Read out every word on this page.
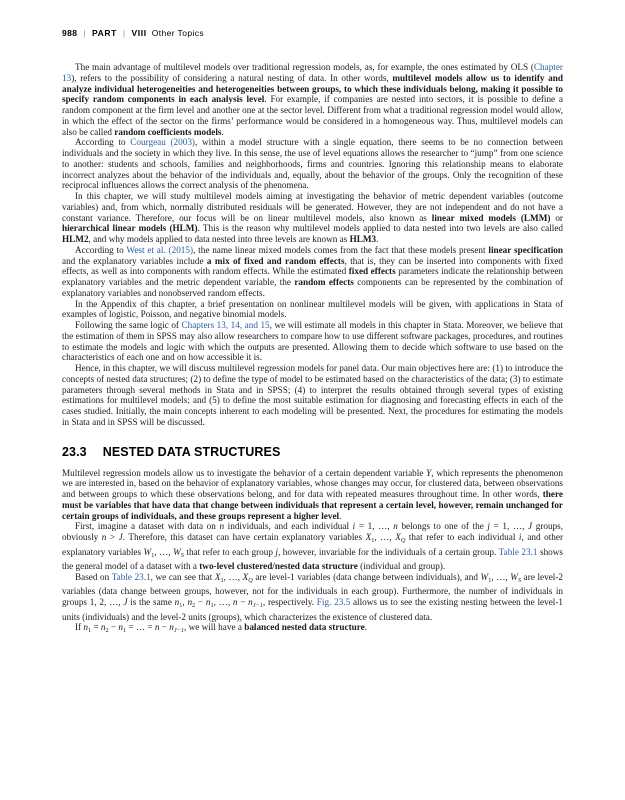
988 | PART | VIII Other Topics

The main advantage of multilevel models over traditional regression models, as, for example, the ones estimated by OLS (Chapter 13), refers to the possibility of considering a natural nesting of data. In other words, multilevel models allow us to identify and analyze individual heterogeneities and heterogeneities between groups, to which these individuals belong, making it possible to specify random components in each analysis level. For example, if companies are nested into sectors, it is possible to define a random component at the firm level and another one at the sector level. Different from what a traditional regression model would allow, in which the effect of the sector on the firms’ performance would be considered in a homogeneous way. Thus, multilevel models can also be called random coefficients models.

According to Courgeau (2003), within a model structure with a single equation, there seems to be no connection between individuals and the society in which they live. In this sense, the use of level equations allows the researcher to “jump” from one science to another: students and schools, families and neighborhoods, firms and countries. Ignoring this relationship means to elaborate incorrect analyzes about the behavior of the individuals and, equally, about the behavior of the groups. Only the recognition of these reciprocal influences allows the correct analysis of the phenomena.

In this chapter, we will study multilevel models aiming at investigating the behavior of metric dependent variables (outcome variables) and, from which, normally distributed residuals will be generated. However, they are not independent and do not have a constant variance. Therefore, our focus will be on linear multilevel models, also known as linear mixed models (LMM) or hierarchical linear models (HLM). This is the reason why multilevel models applied to data nested into two levels are also called HLM2, and why models applied to data nested into three levels are known as HLM3.

According to West et al. (2015), the name linear mixed models comes from the fact that these models present linear specification and the explanatory variables include a mix of fixed and random effects, that is, they can be inserted into components with fixed effects, as well as into components with random effects. While the estimated fixed effects parameters indicate the relationship between explanatory variables and the metric dependent variable, the random effects components can be represented by the combination of explanatory variables and nonobserved random effects.

In the Appendix of this chapter, a brief presentation on nonlinear multilevel models will be given, with applications in Stata of examples of logistic, Poisson, and negative binomial models.

Following the same logic of Chapters 13, 14, and 15, we will estimate all models in this chapter in Stata. Moreover, we believe that the estimation of them in SPSS may also allow researchers to compare how to use different software packages, procedures, and routines to estimate the models and logic with which the outputs are presented. Allowing them to decide which software to use based on the characteristics of each one and on how accessible it is.

Hence, in this chapter, we will discuss multilevel regression models for panel data. Our main objectives here are: (1) to introduce the concepts of nested data structures; (2) to define the type of model to be estimated based on the characteristics of the data; (3) to estimate parameters through several methods in Stata and in SPSS; (4) to interpret the results obtained through several types of existing estimations for multilevel models; and (5) to define the most suitable estimation for diagnosing and forecasting effects in each of the cases studied. Initially, the main concepts inherent to each modeling will be presented. Next, the procedures for estimating the models in Stata and in SPSS will be discussed.

23.3 NESTED DATA STRUCTURES

Multilevel regression models allow us to investigate the behavior of a certain dependent variable Y, which represents the phenomenon we are interested in, based on the behavior of explanatory variables, whose changes may occur, for clustered data, between observations and between groups to which these observations belong, and for data with repeated measures throughout time. In other words, there must be variables that have data that change between individuals that represent a certain level, however, remain unchanged for certain groups of individuals, and these groups represent a higher level.

First, imagine a dataset with data on n individuals, and each individual i = 1, …, n belongs to one of the j = 1, …, J groups, obviously n > J. Therefore, this dataset can have certain explanatory variables X1, …, XQ that refer to each individual i, and other explanatory variables W1, …, WS that refer to each group j, however, invariable for the individuals of a certain group. Table 23.1 shows the general model of a dataset with a two-level clustered/nested data structure (individual and group).

Based on Table 23.1, we can see that X1, …, XQ are level-1 variables (data change between individuals), and W1, …, WS are level-2 variables (data change between groups, however, not for the individuals in each group). Furthermore, the number of individuals in groups 1, 2, …, J is the same n1, n2 − n1, …, n − nJ−1, respectively. Fig. 23.5 allows us to see the existing nesting between the level-1 units (individuals) and the level-2 units (groups), which characterizes the existence of clustered data.

If n1 = n2 − n1 = … = n − nJ−1, we will have a balanced nested data structure.
